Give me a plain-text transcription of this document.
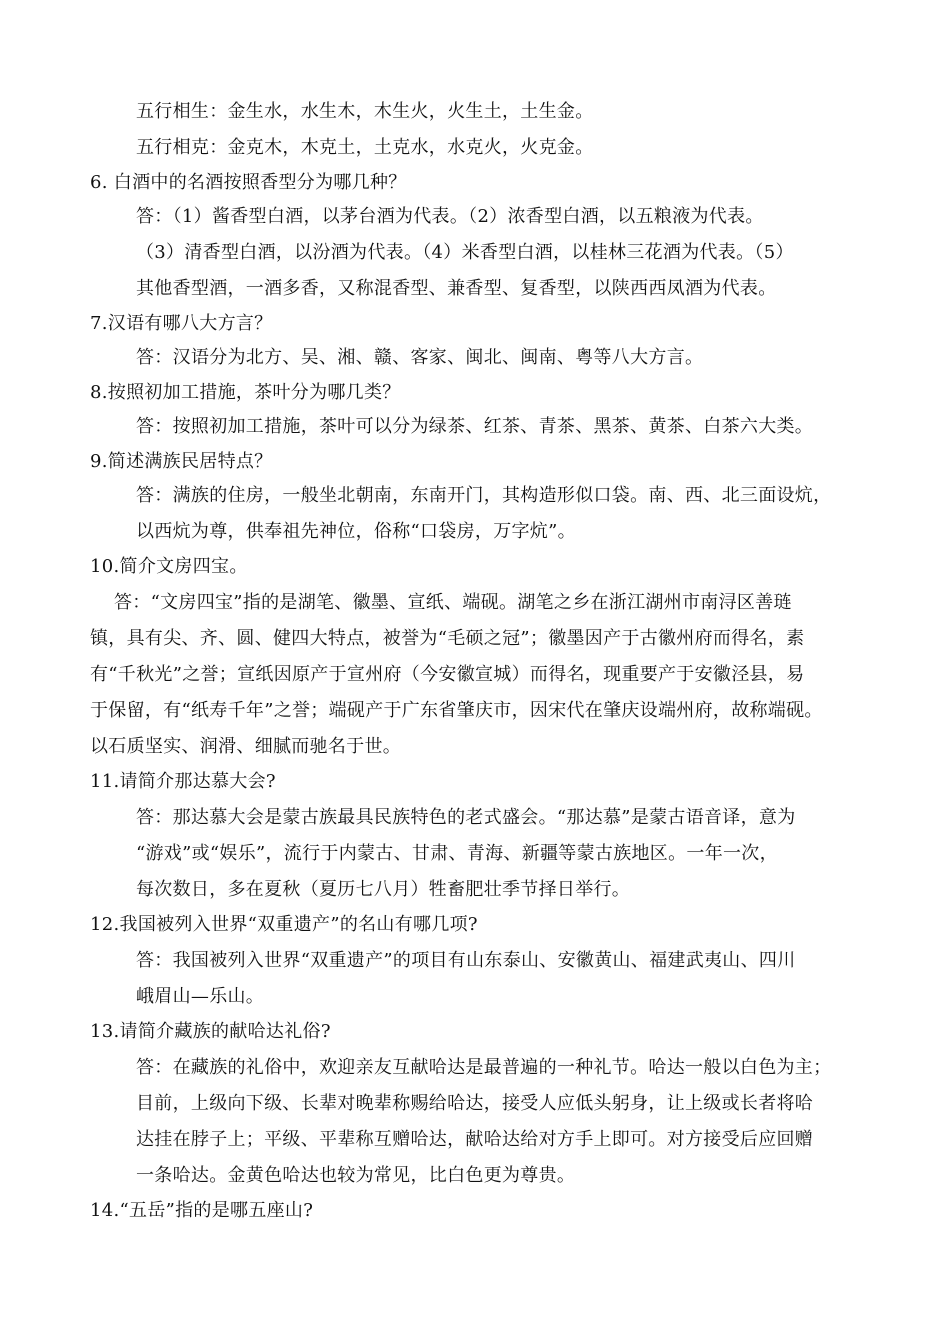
五行相生：金生水，水生木，木生火，火生土，土生金。
五行相克：金克木，木克土，土克水，水克火，火克金。
6. 白酒中的名酒按照香型分为哪几种？
答：（1）酱香型白酒，以茅台酒为代表。（2）浓香型白酒，以五粮液为代表。
（3）清香型白酒，以汾酒为代表。（4）米香型白酒，以桂林三花酒为代表。（5）
其他香型酒，一酒多香，又称混香型、兼香型、复香型，以陕西西凤酒为代表。
7.汉语有哪八大方言？
答：汉语分为北方、吴、湘、赣、客家、闽北、闽南、粤等八大方言。
8.按照初加工措施，茶叶分为哪几类？
答：按照初加工措施，茶叶可以分为绿茶、红茶、青茶、黑茶、黄茶、白茶六大类。
9.简述满族民居特点？
答：满族的住房，一般坐北朝南，东南开门，其构造形似口袋。南、西、北三面设炕，
以西炕为尊，供奉祖先神位，俗称“口袋房，万字炕”。
10.简介文房四宝。
答：“文房四宝”指的是湖笔、徽墨、宣纸、端砚。湖笔之乡在浙江湖州市南浔区善琏
镇，具有尖、齐、圆、健四大特点，被誉为“毛硕之冠”；徽墨因产于古徽州府而得名，素
有“千秋光”之誉；宣纸因原产于宣州府（今安徽宣城）而得名，现重要产于安徽泾县，易
于保留，有“纸寿千年”之誉；端砚产于广东省肇庆市，因宋代在肇庆设端州府，故称端砚。
以石质坚实、润滑、细腻而驰名于世。
11.请简介那达慕大会?
答：那达慕大会是蒙古族最具民族特色的老式盛会。“那达慕”是蒙古语音译，意为
“游戏”或“娱乐”，流行于内蒙古、甘肃、青海、新疆等蒙古族地区。一年一次，
每次数日，多在夏秋（夏历七八月）牲畜肥壮季节择日举行。
12.我国被列入世界“双重遗产”的名山有哪几项?
答：我国被列入世界“双重遗产”的项目有山东泰山、安徽黄山、福建武夷山、四川
峨眉山—乐山。
13.请简介藏族的献哈达礼俗?
答：在藏族的礼俗中，欢迎亲友互献哈达是最普遍的一种礼节。哈达一般以白色为主；
目前，上级向下级、长辈对晚辈称赐给哈达，接受人应低头躬身，让上级或长者将哈
达挂在脖子上；平级、平辈称互赠哈达，献哈达给对方手上即可。对方接受后应回赠
一条哈达。金黄色哈达也较为常见，比白色更为尊贵。
14.“五岳”指的是哪五座山?
